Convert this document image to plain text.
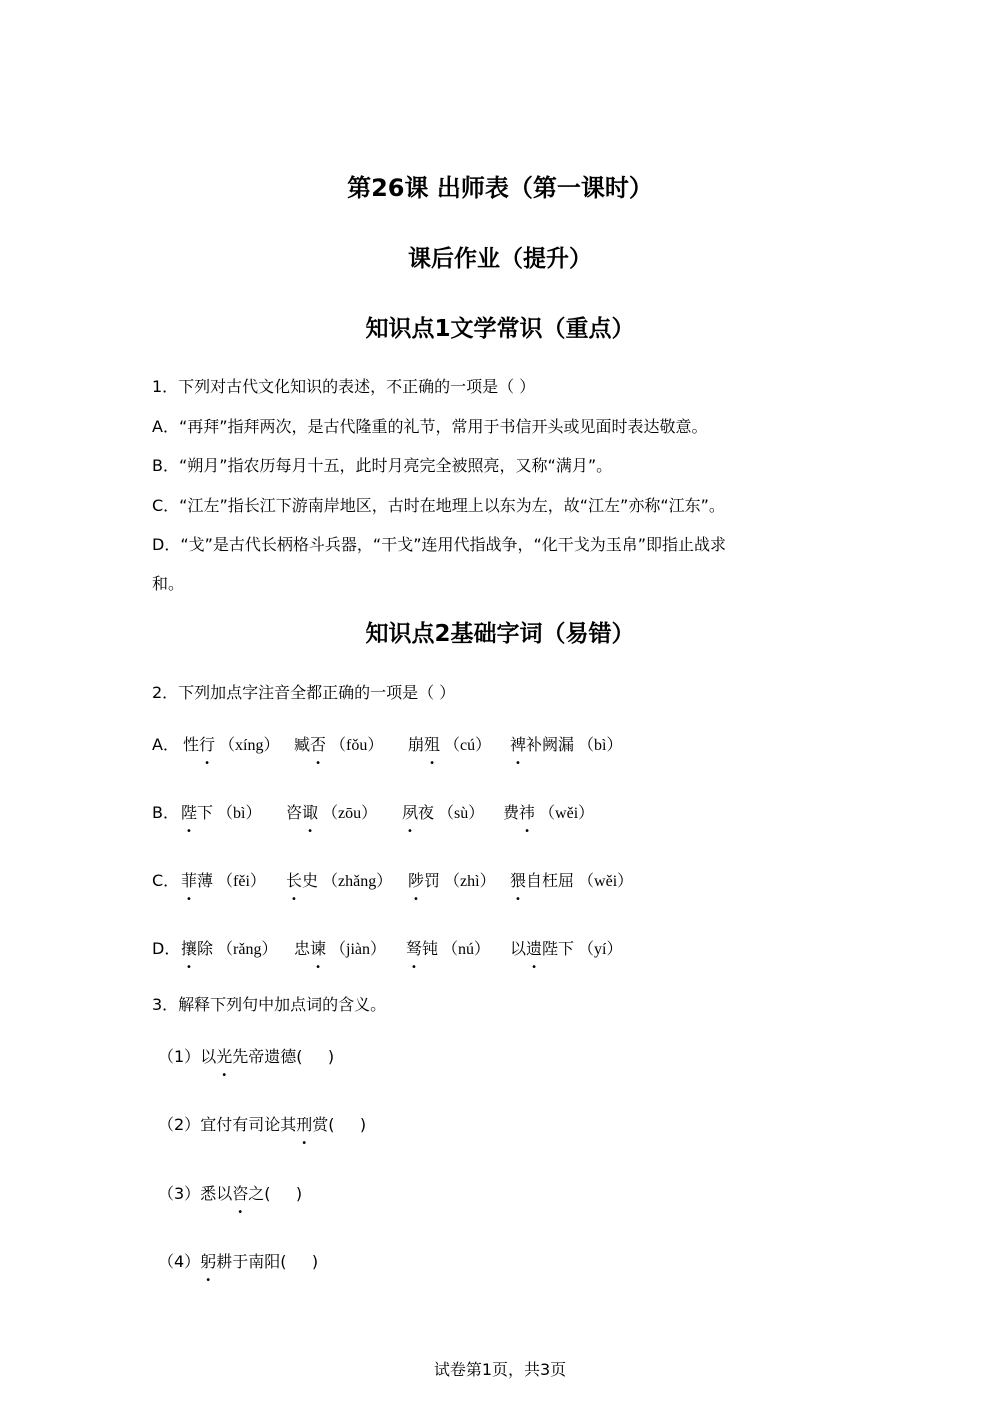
第26课 出师表（第一课时）
课后作业（提升）
知识点1文学常识（重点）
1．下列对古代文化知识的表述，不正确的一项是（ ）
A．“再拜”指拜两次，是古代隆重的礼节，常用于书信开头或见面时表达敬意。
B．“朔月”指农历每月十五，此时月亮完全被照亮，又称“满月”。
C．“江左”指长江下游南岸地区，古时在地理上以东为左，故“江左”亦称“江东”。
D．“戈”是古代长柄格斗兵器，“干戈”连用代指战争，“化干戈为玉帛”即指止战求
和。
知识点2基础字词（易错）
2．下列加点字注音全都正确的一项是（ ）
A． 性行 （xíng） 臧否 （fǒu） 崩殂 （cú） 裨补阙漏 （bì）
B． 陛下 （bì） 咨诹 （zōu） 夙夜 （sù） 费祎 （wěi）
C． 菲薄 （fěi） 长史 （zhǎng） 陟罚 （zhì） 猥自枉屈 （wěi）
D． 攘除 （rǎng） 忠谏 （jiàn） 驽钝 （nú） 以遗陛下 （yí）
3．解释下列句中加点词的含义。
（1）以光先帝遗德(     )
（2）宜付有司论其刑赏(     )
（3）悉以咨之(     )
（4）躬耕于南阳(     )
试卷第1页，共3页
